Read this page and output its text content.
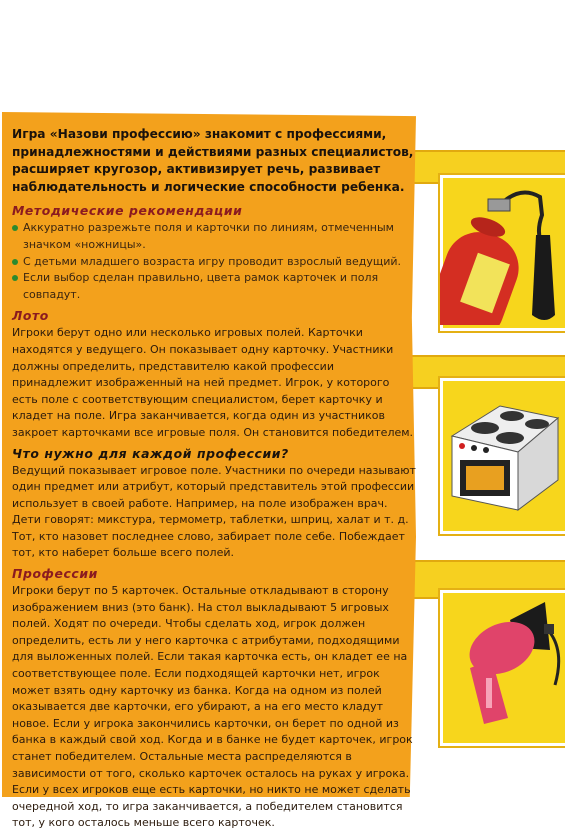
Игра «Назови профессию» знакомит с профессиями, принадлежностями и действиями разных специалистов, расширяет кругозор, активизирует речь, развивает наблюдательность и логические способности ребенка.

Методические рекомендации
Аккуратно разрежьте поля и карточки по линиям, отмеченным значком «ножницы».
С детьми младшего возраста игру проводит взрослый ведущий.
Если выбор сделан правильно, цвета рамок карточек и поля совпадут.
Лото

Игроки берут одно или несколько игровых полей. Карточки находятся у ведущего. Он показывает одну карточку. Участники должны определить, представителю какой профессии принадлежит изображенный на ней предмет. Игрок, у которого есть поле с соответствующим специалистом, берет карточку и кладет на поле. Игра заканчивается, когда один из участников закроет карточками все игровые поля. Он становится победителем.

Что нужно для каждой профессии?

Ведущий показывает игровое поле. Участники по очереди называют один предмет или атрибут, который представитель этой профессии использует в своей работе. Например, на поле изображен врач. Дети говорят: микстура, термометр, таблетки, шприц, халат и т. д. Тот, кто назовет последнее слово, забирает поле себе. Побеждает тот, кто наберет больше всего полей.

Профессии

Игроки берут по 5 карточек. Остальные откладывают в сторону изображением вниз (это банк). На стол выкладывают 5 игровых полей. Ходят по очереди. Чтобы сделать ход, игрок должен определить, есть ли у него карточка с атрибутами, подходящими для выложенных полей. Если такая карточка есть, он кладет ее на соответствующее поле. Если подходящей карточки нет, игрок может взять одну карточку из банка. Когда на одном из полей оказывается две карточки, его убирают, а на его место кладут новое. Если у игрока закончились карточки, он берет по одной из банка в каждый свой ход. Когда и в банке не будет карточек, игрок станет победителем. Остальные места распределяются в зависимости от того, сколько карточек осталось на руках у игрока. Если у всех игроков еще есть карточки, но никто не может сделать очередной ход, то игра заканчивается, а победителем становится тот, у кого осталось меньше всего карточек.
